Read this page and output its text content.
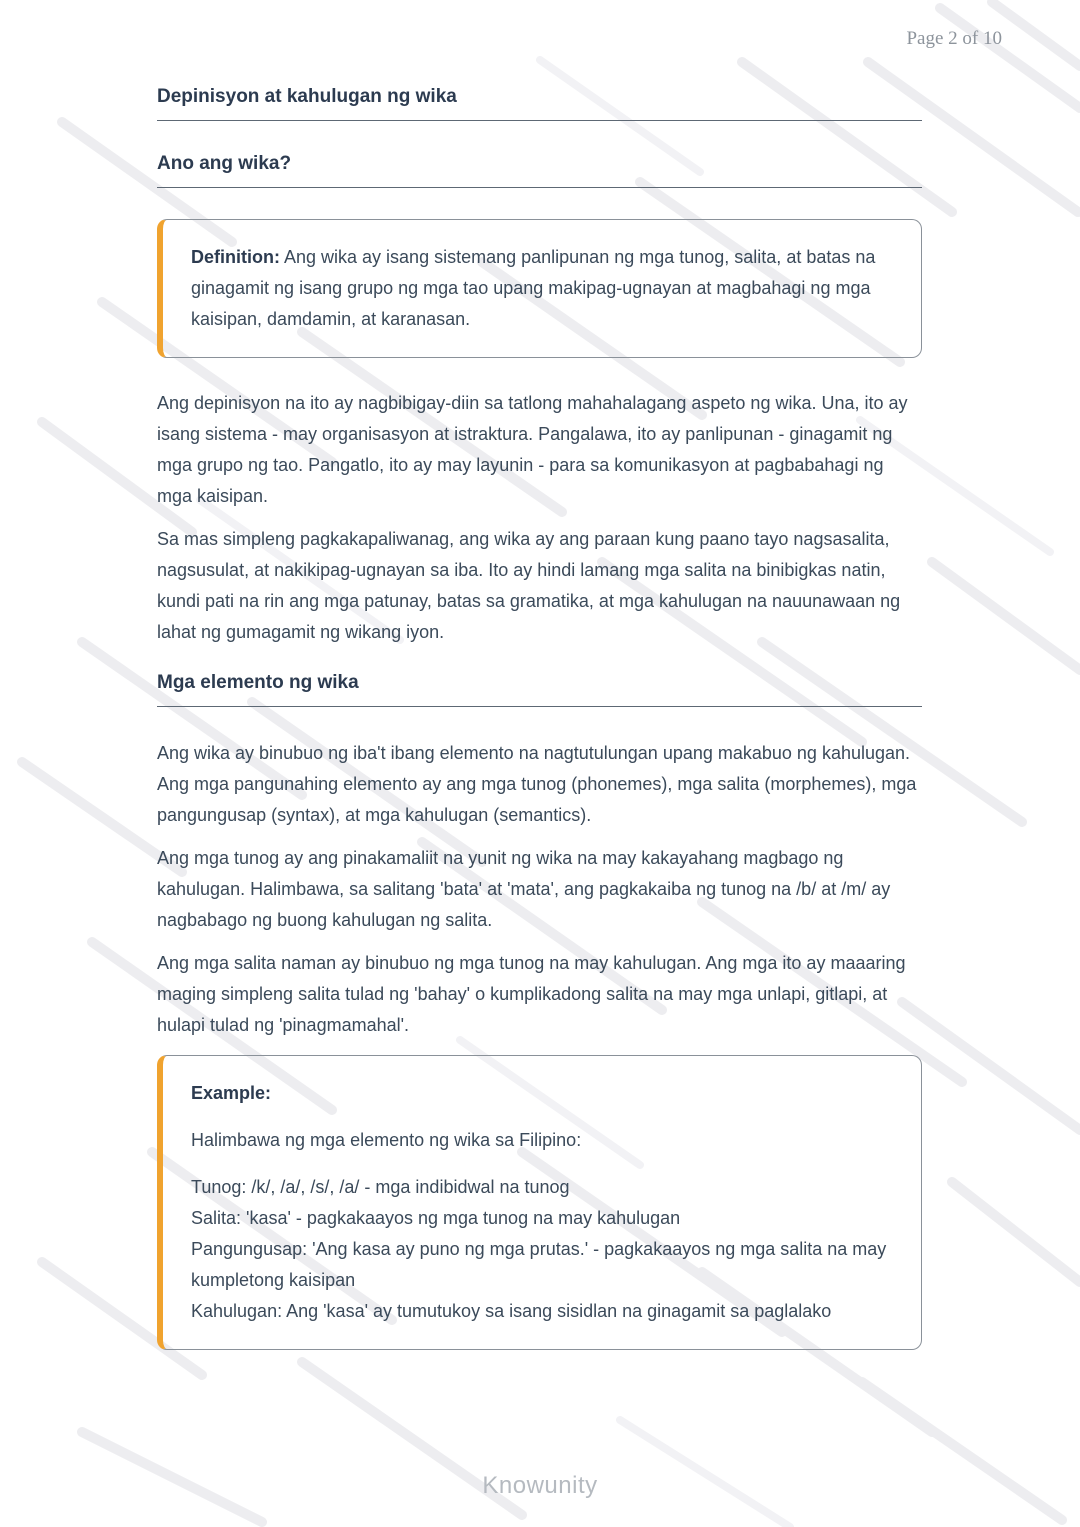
Page 2 of 10
Depinisyon at kahulugan ng wika
Ano ang wika?
Definition: Ang wika ay isang sistemang panlipunan ng mga tunog, salita, at batas na ginagamit ng isang grupo ng mga tao upang makipag-ugnayan at magbahagi ng mga kaisipan, damdamin, at karanasan.

Ang depinisyon na ito ay nagbibigay-diin sa tatlong mahahalagang aspeto ng wika. Una, ito ay isang sistema - may organisasyon at istraktura. Pangalawa, ito ay panlipunan - ginagamit ng mga grupo ng tao. Pangatlo, ito ay may layunin - para sa komunikasyon at pagbabahagi ng mga kaisipan.

Sa mas simpleng pagkakapaliwanag, ang wika ay ang paraan kung paano tayo nagsasalita, nagsusulat, at nakikipag-ugnayan sa iba. Ito ay hindi lamang mga salita na binibigkas natin, kundi pati na rin ang mga patunay, batas sa gramatika, at mga kahulugan na nauunawaan ng lahat ng gumagamit ng wikang iyon.

Mga elemento ng wika

Ang wika ay binubuo ng iba't ibang elemento na nagtutulungan upang makabuo ng kahulugan. Ang mga pangunahing elemento ay ang mga tunog (phonemes), mga salita (morphemes), mga pangungusap (syntax), at mga kahulugan (semantics).

Ang mga tunog ay ang pinakamaliit na yunit ng wika na may kakayahang magbago ng kahulugan. Halimbawa, sa salitang 'bata' at 'mata', ang pagkakaiba ng tunog na /b/ at /m/ ay nagbabago ng buong kahulugan ng salita.

Ang mga salita naman ay binubuo ng mga tunog na may kahulugan. Ang mga ito ay maaaring maging simpleng salita tulad ng 'bahay' o kumplikadong salita na may mga unlapi, gitlapi, at hulapi tulad ng 'pinagmamahal'.

Example:
Halimbawa ng mga elemento ng wika sa Filipino:
Tunog: /k/, /a/, /s/, /a/ - mga indibidwal na tunog
Salita: 'kasa' - pagkakaayos ng mga tunog na may kahulugan
Pangungusap: 'Ang kasa ay puno ng mga prutas.' - pagkakaayos ng mga salita na may kumpletong kaisipan
Kahulugan: Ang 'kasa' ay tumutukoy sa isang sisidlan na ginagamit sa paglalako
Knowunity
